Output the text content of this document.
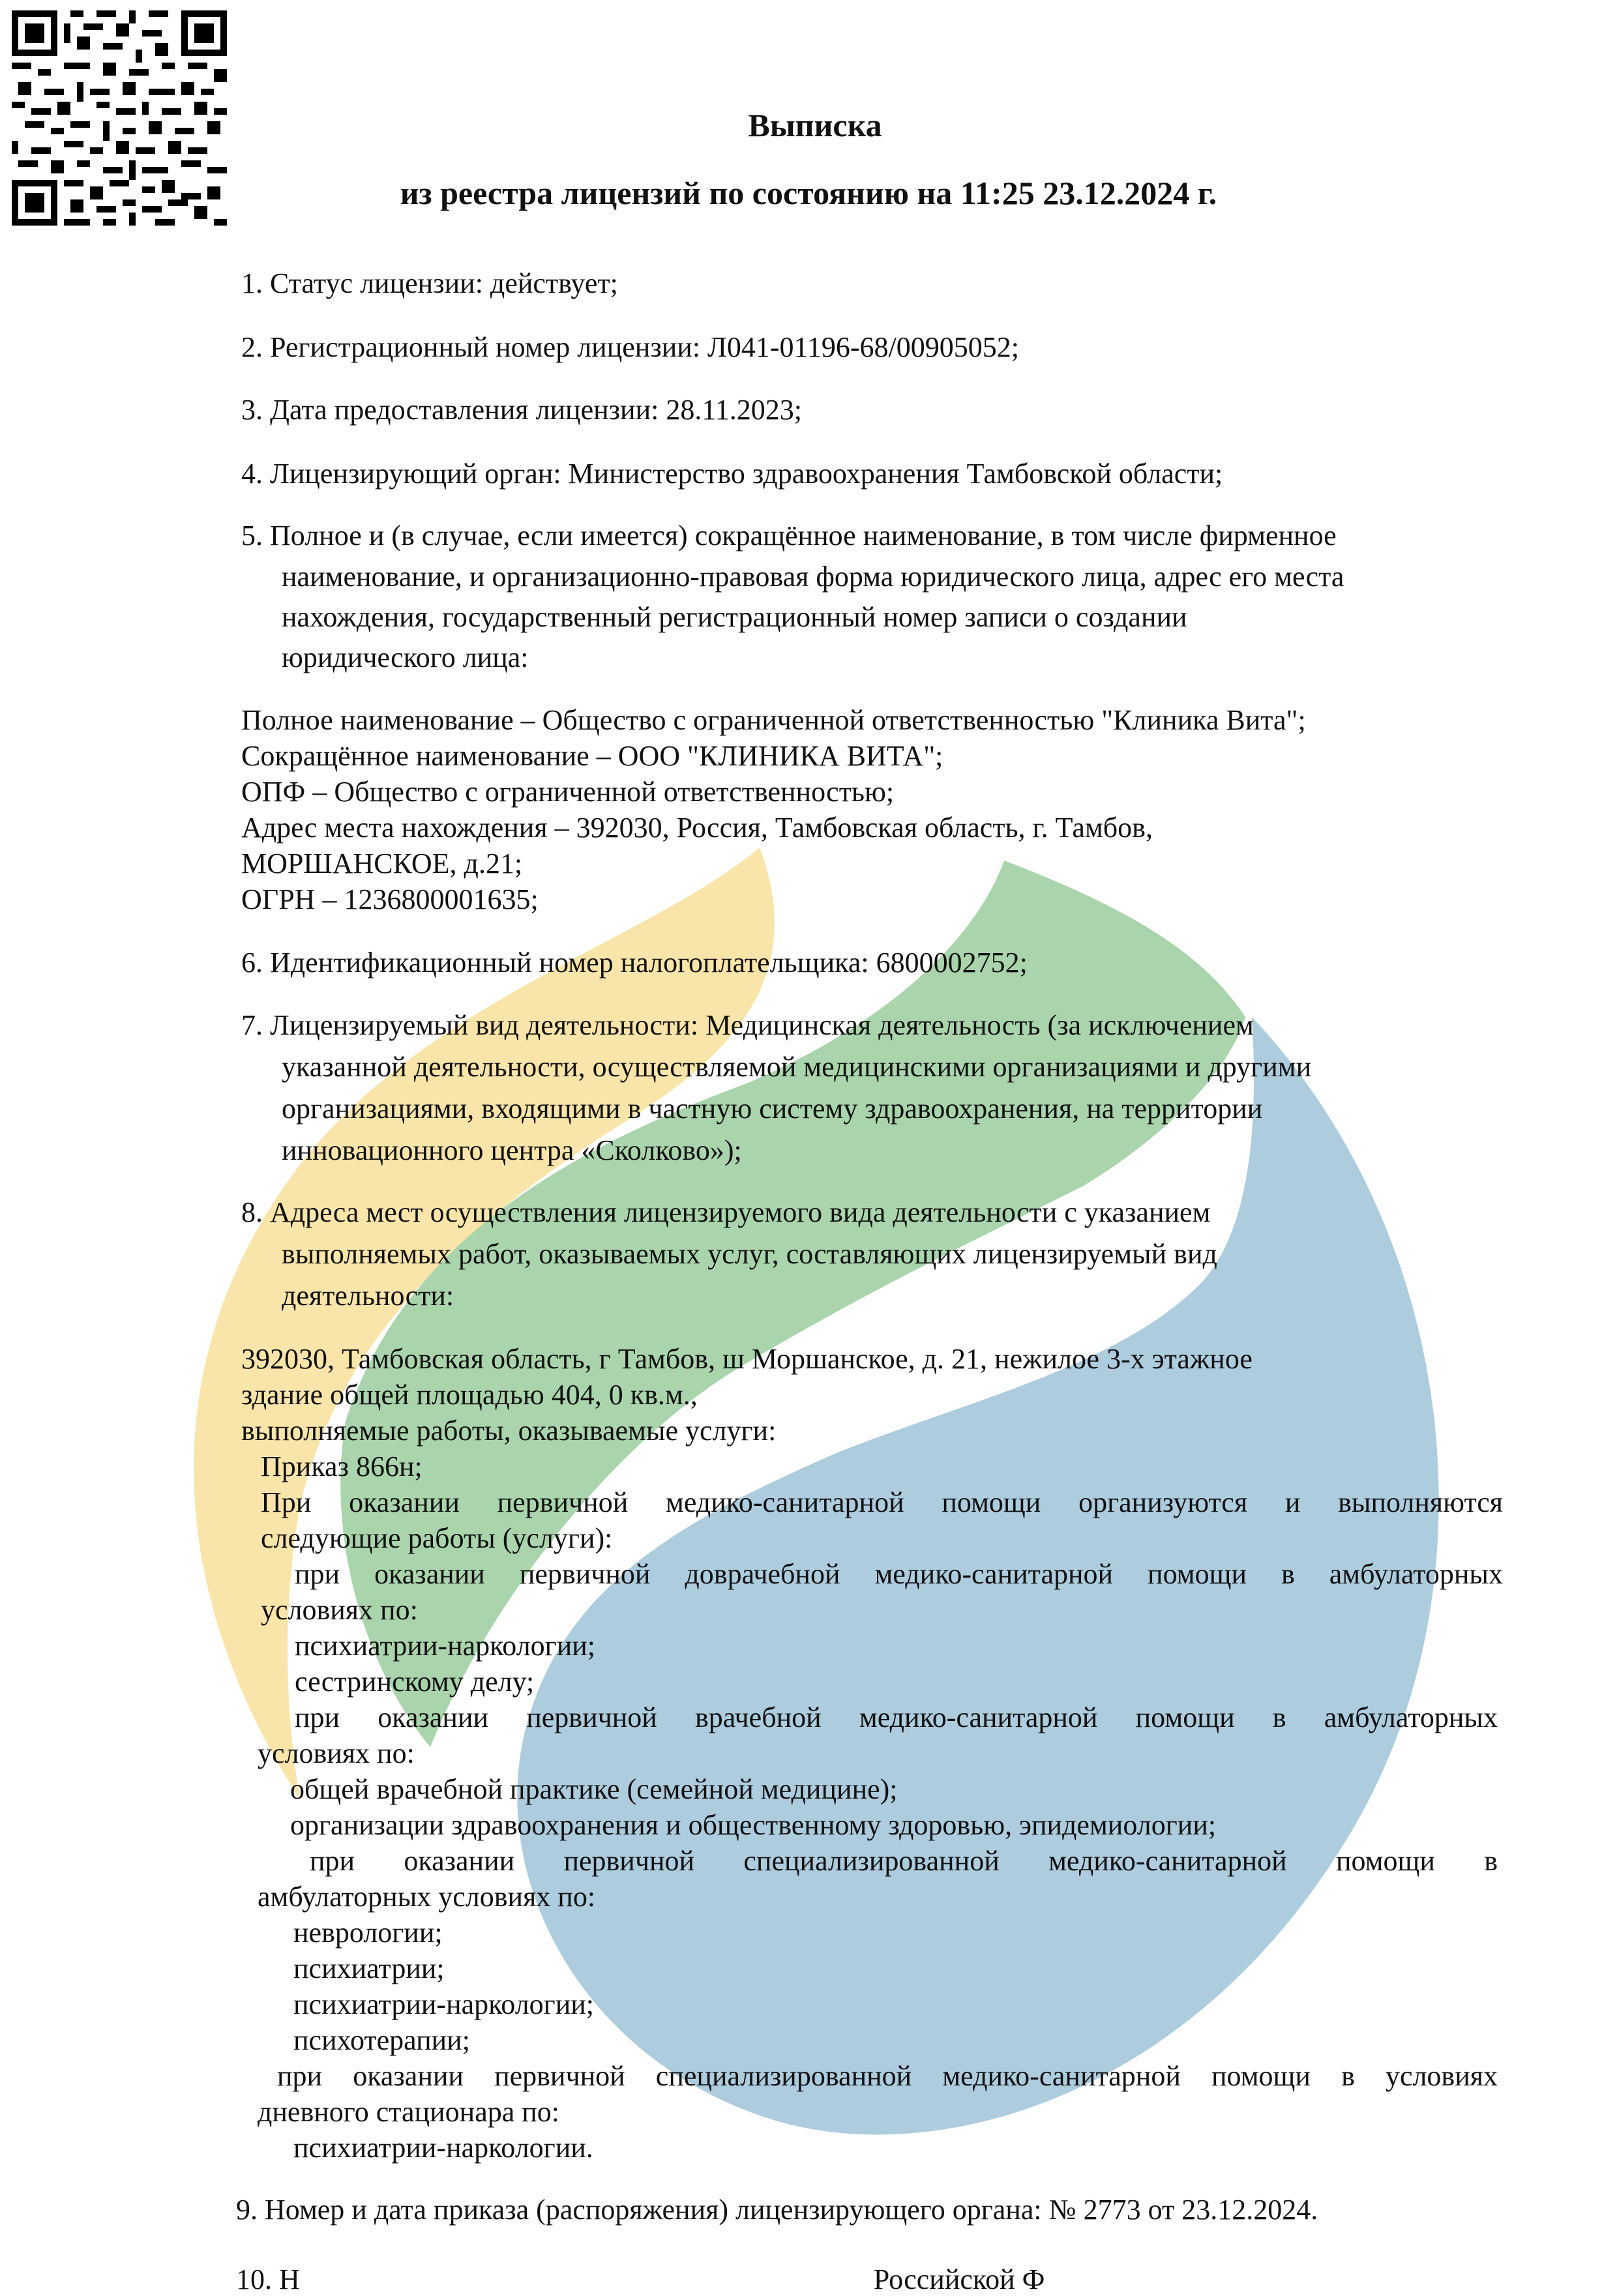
Выписка
из реестра лицензий по состоянию на 11:25 23.12.2024 г.
1. Статус лицензии: действует;
2. Регистрационный номер лицензии: Л041-01196-68/00905052;
3. Дата предоставления лицензии: 28.11.2023;
4. Лицензирующий орган: Министерство здравоохранения Тамбовской области;
5. Полное и (в случае, если имеется) сокращённое наименование, в том числе фирменное
наименование, и организационно-правовая форма юридического лица, адрес его места
нахождения, государственный регистрационный номер записи о создании
юридического лица:
Полное наименование – Общество с ограниченной ответственностью "Клиника Вита";
Сокращённое наименование – ООО "КЛИНИКА ВИТА";
ОПФ – Общество с ограниченной ответственностью;
Адрес места нахождения – 392030, Россия, Тамбовская область, г. Тамбов,
МОРШАНСКОЕ, д.21;
ОГРН – 1236800001635;
6. Идентификационный номер налогоплательщика: 6800002752;
7. Лицензируемый вид деятельности: Медицинская деятельность (за исключением
указанной деятельности, осуществляемой медицинскими организациями и другими
организациями, входящими в частную систему здравоохранения, на территории
инновационного центра «Сколково»);
8. Адреса мест осуществления лицензируемого вида деятельности с указанием
выполняемых работ, оказываемых услуг, составляющих лицензируемый вид
деятельности:
392030, Тамбовская область, г Тамбов, ш Моршанское, д. 21, нежилое 3-х этажное
здание общей площадью 404, 0 кв.м.,
выполняемые работы, оказываемые услуги:
Приказ 866н;
При оказании первичной медико-санитарной помощи организуются и выполняются
следующие работы (услуги):
при оказании первичной доврачебной медико-санитарной помощи в амбулаторных
условиях по:
психиатрии-наркологии;
сестринскому делу;
при оказании первичной врачебной медико-санитарной помощи в амбулаторных
условиях по:
общей врачебной практике (семейной медицине);
организации здравоохранения и общественному здоровью, эпидемиологии;
при оказании первичной специализированной медико-санитарной помощи в
амбулаторных условиях по:
неврологии;
психиатрии;
психиатрии-наркологии;
психотерапии;
при оказании первичной специализированной медико-санитарной помощи в условиях
дневного стационара по:
психиатрии-наркологии.
9. Номер и дата приказа (распоряжения) лицензирующего органа: № 2773 от 23.12.2024.
10. Н                                                                                Российской Ф
